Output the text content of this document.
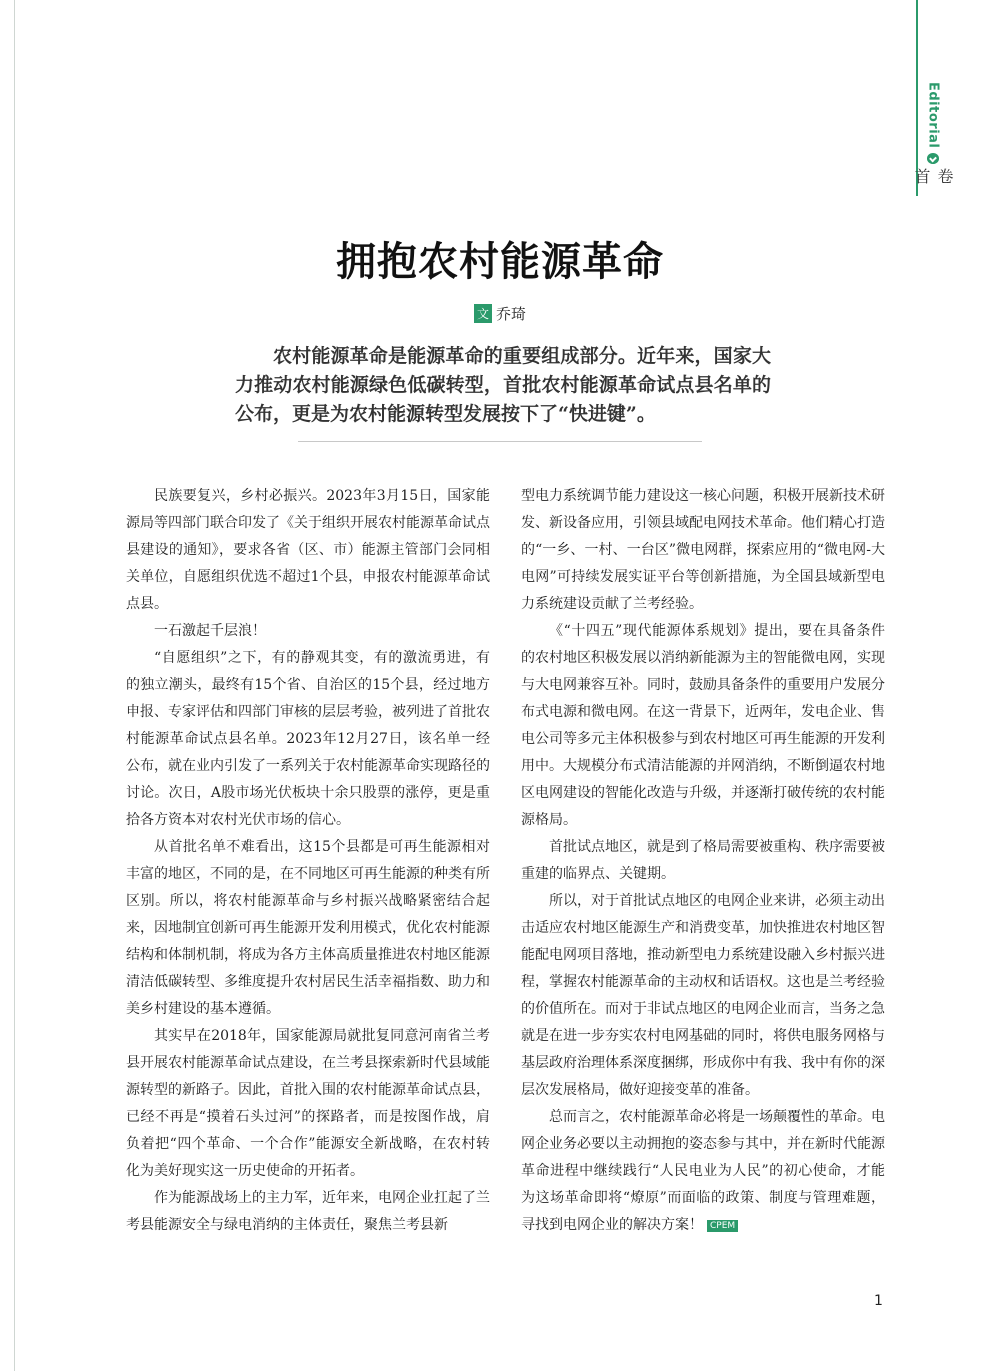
Editorial
卷首
拥抱农村能源革命
文 乔琦
农村能源革命是能源革命的重要组成部分。近年来，国家大力推动农村能源绿色低碳转型，首批农村能源革命试点县名单的公布，更是为农村能源转型发展按下了“快进键”。

民族要复兴，乡村必振兴。2023年3月15日，国家能源局等四部门联合印发了《关于组织开展农村能源革命试点县建设的通知》，要求各省（区、市）能源主管部门会同相关单位，自愿组织优选不超过1个县，申报农村能源革命试点县。

一石激起千层浪！

“自愿组织”之下，有的静观其变，有的激流勇进，有的独立潮头，最终有15个省、自治区的15个县，经过地方申报、专家评估和四部门审核的层层考验，被列进了首批农村能源革命试点县名单。2023年12月27日，该名单一经公布，就在业内引发了一系列关于农村能源革命实现路径的讨论。次日，A股市场光伏板块十余只股票的涨停，更是重拾各方资本对农村光伏市场的信心。

从首批名单不难看出，这15个县都是可再生能源相对丰富的地区，不同的是，在不同地区可再生能源的种类有所区别。所以，将农村能源革命与乡村振兴战略紧密结合起来，因地制宜创新可再生能源开发利用模式，优化农村能源结构和体制机制，将成为各方主体高质量推进农村地区能源清洁低碳转型、多维度提升农村居民生活幸福指数、助力和美乡村建设的基本遵循。

其实早在2018年，国家能源局就批复同意河南省兰考县开展农村能源革命试点建设，在兰考县探索新时代县域能源转型的新路子。因此，首批入围的农村能源革命试点县，已经不再是“摸着石头过河”的探路者，而是按图作战，肩负着把“四个革命、一个合作”能源安全新战略，在农村转化为美好现实这一历史使命的开拓者。

作为能源战场上的主力军，近年来，电网企业扛起了兰考县能源安全与绿电消纳的主体责任，聚焦兰考县新

型电力系统调节能力建设这一核心问题，积极开展新技术研发、新设备应用，引领县域配电网技术革命。他们精心打造的“一乡、一村、一台区”微电网群，探索应用的“微电网-大电网”可持续发展实证平台等创新措施，为全国县域新型电力系统建设贡献了兰考经验。

《“十四五”现代能源体系规划》提出，要在具备条件的农村地区积极发展以消纳新能源为主的智能微电网，实现与大电网兼容互补。同时，鼓励具备条件的重要用户发展分布式电源和微电网。在这一背景下，近两年，发电企业、售电公司等多元主体积极参与到农村地区可再生能源的开发利用中。大规模分布式清洁能源的并网消纳，不断倒逼农村地区电网建设的智能化改造与升级，并逐渐打破传统的农村能源格局。

首批试点地区，就是到了格局需要被重构、秩序需要被重建的临界点、关键期。

所以，对于首批试点地区的电网企业来讲，必须主动出击适应农村地区能源生产和消费变革，加快推进农村地区智能配电网项目落地，推动新型电力系统建设融入乡村振兴进程，掌握农村能源革命的主动权和话语权。这也是兰考经验的价值所在。而对于非试点地区的电网企业而言，当务之急就是在进一步夯实农村电网基础的同时，将供电服务网格与基层政府治理体系深度捆绑，形成你中有我、我中有你的深层次发展格局，做好迎接变革的准备。

总而言之，农村能源革命必将是一场颠覆性的革命。电网企业务必要以主动拥抱的姿态参与其中，并在新时代能源革命进程中继续践行“人民电业为人民”的初心使命，才能为这场革命即将“燎原”而面临的政策、制度与管理难题，寻找到电网企业的解决方案！ CPEM

1
